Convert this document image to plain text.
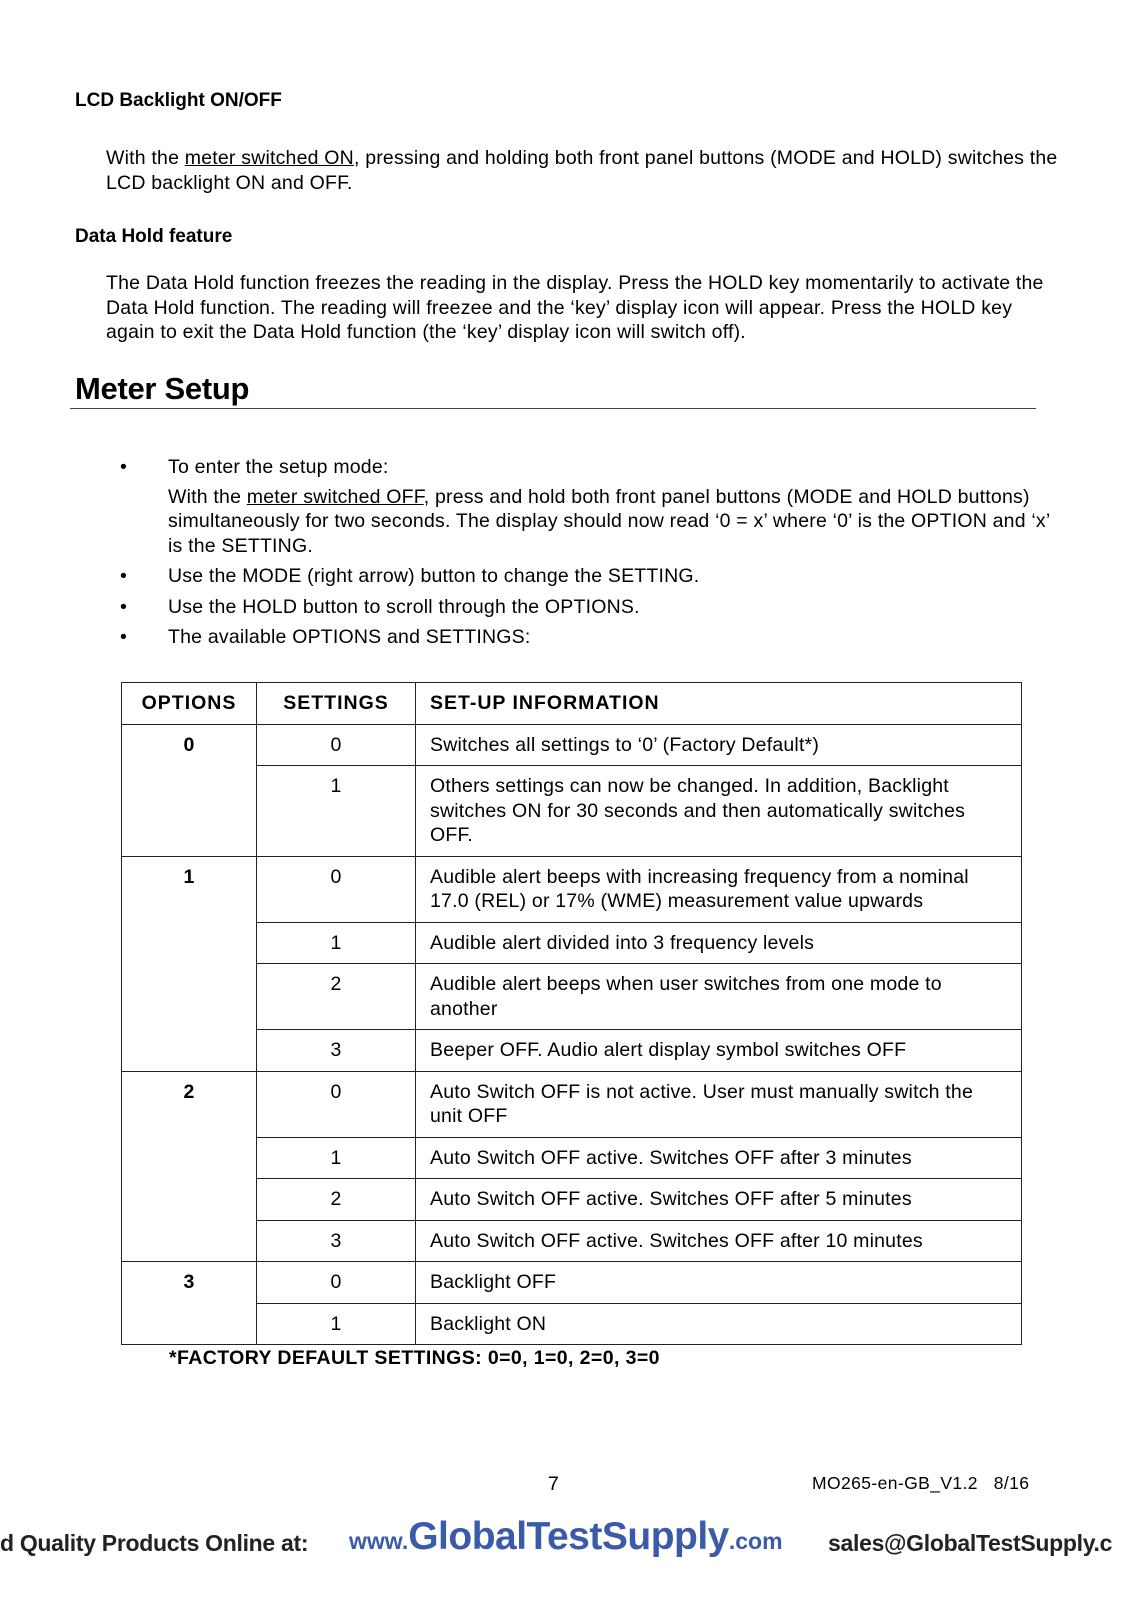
LCD Backlight ON/OFF
With the meter switched ON, pressing and holding both front panel buttons (MODE and HOLD) switches the LCD backlight ON and OFF.
Data Hold feature
The Data Hold function freezes the reading in the display. Press the HOLD key momentarily to activate the Data Hold function. The reading will freezee and the ‘key’ display icon will appear. Press the HOLD key again to exit the Data Hold function (the ‘key’ display icon will switch off).
Meter Setup
• To enter the setup mode:
With the meter switched OFF, press and hold both front panel buttons (MODE and HOLD buttons) simultaneously for two seconds. The display should now read ‘0 = x’ where ‘0’ is the OPTION and ‘x’ is the SETTING.
• Use the MODE (right arrow) button to change the SETTING.
• Use the HOLD button to scroll through the OPTIONS.
• The available OPTIONS and SETTINGS:
OPTIONS	SETTINGS	SET-UP INFORMATION
0	0	Switches all settings to ‘0’ (Factory Default*)
	1	Others settings can now be changed. In addition, Backlight switches ON for 30 seconds and then automatically switches OFF.
1	0	Audible alert beeps with increasing frequency from a nominal 17.0 (REL) or 17% (WME) measurement value upwards
	1	Audible alert divided into 3 frequency levels
	2	Audible alert beeps when user switches from one mode to another
	3	Beeper OFF. Audio alert display symbol switches OFF
2	0	Auto Switch OFF is not active. User must manually switch the unit OFF
	1	Auto Switch OFF active. Switches OFF after 3 minutes
	2	Auto Switch OFF active. Switches OFF after 5 minutes
	3	Auto Switch OFF active. Switches OFF after 10 minutes
3	0	Backlight OFF
	1	Backlight ON
*FACTORY DEFAULT SETTINGS: 0=0, 1=0, 2=0, 3=0
7	MO265-en-GB_V1.2   8/16
d Quality Products Online at: www.GlobalTestSupply.com sales@GlobalTestSupply.c
